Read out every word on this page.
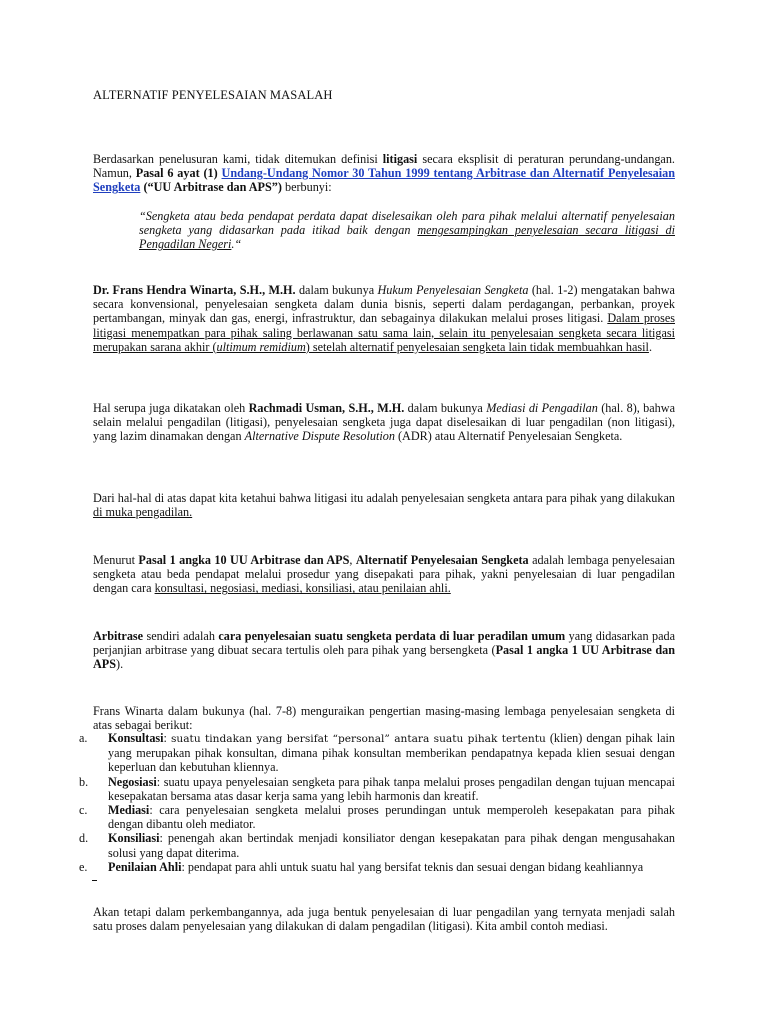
ALTERNATIF PENYELESAIAN MASALAH

Berdasarkan penelusuran kami, tidak ditemukan definisi litigasi secara eksplisit di peraturan perundang-undangan. Namun, Pasal 6 ayat (1) Undang-Undang Nomor 30 Tahun 1999 tentang Arbitrase dan Alternatif Penyelesaian Sengketa (“UU Arbitrase dan APS”) berbunyi:

“Sengketa atau beda pendapat perdata dapat diselesaikan oleh para pihak melalui alternatif penyelesaian sengketa yang didasarkan pada itikad baik dengan mengesampingkan penyelesaian secara litigasi di Pengadilan Negeri.“

Dr. Frans Hendra Winarta, S.H., M.H. dalam bukunya Hukum Penyelesaian Sengketa (hal. 1-2) mengatakan bahwa secara konvensional, penyelesaian sengketa dalam dunia bisnis, seperti dalam perdagangan, perbankan, proyek pertambangan, minyak dan gas, energi, infrastruktur, dan sebagainya dilakukan melalui proses litigasi. Dalam proses litigasi menempatkan para pihak saling berlawanan satu sama lain, selain itu penyelesaian sengketa secara litigasi merupakan sarana akhir (ultimum remidium) setelah alternatif penyelesaian sengketa lain tidak membuahkan hasil.

Hal serupa juga dikatakan oleh Rachmadi Usman, S.H., M.H. dalam bukunya Mediasi di Pengadilan (hal. 8), bahwa selain melalui pengadilan (litigasi), penyelesaian sengketa juga dapat diselesaikan di luar pengadilan (non litigasi), yang lazim dinamakan dengan Alternative Dispute Resolution (ADR) atau Alternatif Penyelesaian Sengketa.

Dari hal-hal di atas dapat kita ketahui bahwa litigasi itu adalah penyelesaian sengketa antara para pihak yang dilakukan di muka pengadilan.

Menurut Pasal 1 angka 10 UU Arbitrase dan APS, Alternatif Penyelesaian Sengketa adalah lembaga penyelesaian sengketa atau beda pendapat melalui prosedur yang disepakati para pihak, yakni penyelesaian di luar pengadilan dengan cara konsultasi, negosiasi, mediasi, konsiliasi, atau penilaian ahli.

Arbitrase sendiri adalah cara penyelesaian suatu sengketa perdata di luar peradilan umum yang didasarkan pada perjanjian arbitrase yang dibuat secara tertulis oleh para pihak yang bersengketa (Pasal 1 angka 1 UU Arbitrase dan APS).

Frans Winarta dalam bukunya (hal. 7-8) menguraikan pengertian masing-masing lembaga penyelesaian sengketa di atas sebagai berikut:

a. Konsultasi: suatu tindakan yang bersifat “personal” antara suatu pihak tertentu (klien) dengan pihak lain yang merupakan pihak konsultan, dimana pihak konsultan memberikan pendapatnya kepada klien sesuai dengan keperluan dan kebutuhan kliennya.

b. Negosiasi: suatu upaya penyelesaian sengketa para pihak tanpa melalui proses pengadilan dengan tujuan mencapai kesepakatan bersama atas dasar kerja sama yang lebih harmonis dan kreatif.

c. Mediasi: cara penyelesaian sengketa melalui proses perundingan untuk memperoleh kesepakatan para pihak dengan dibantu oleh mediator.

d. Konsiliasi: penengah akan bertindak menjadi konsiliator dengan kesepakatan para pihak dengan mengusahakan solusi yang dapat diterima.

e. Penilaian Ahli: pendapat para ahli untuk suatu hal yang bersifat teknis dan sesuai dengan bidang keahliannya

Akan tetapi dalam perkembangannya, ada juga bentuk penyelesaian di luar pengadilan yang ternyata menjadi salah satu proses dalam penyelesaian yang dilakukan di dalam pengadilan (litigasi). Kita ambil contoh mediasi.
